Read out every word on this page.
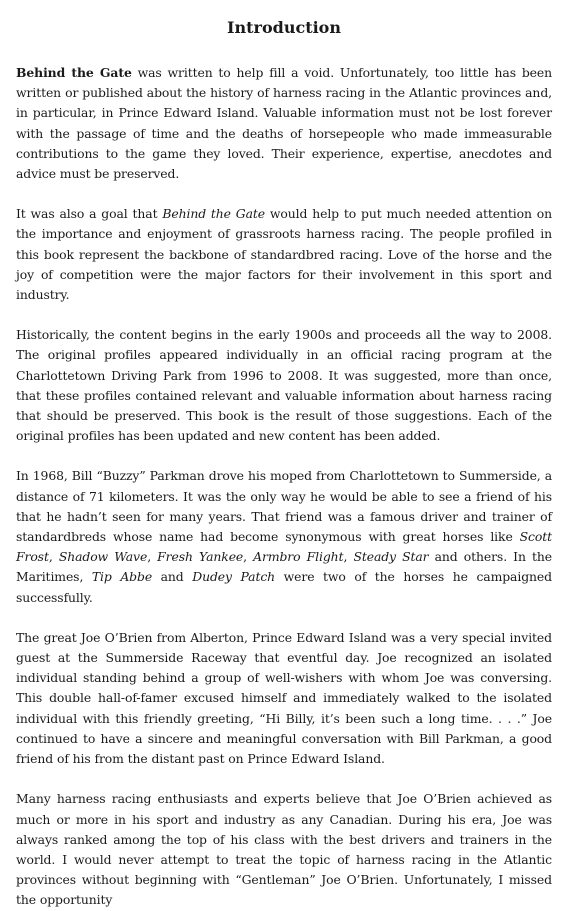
Introduction

Behind the Gate was written to help fill a void. Unfortunately, too little has been written or published about the history of harness racing in the Atlantic provinces and, in particular, in Prince Edward Island. Valuable information must not be lost forever with the passage of time and the deaths of horsepeople who made immeasurable contributions to the game they loved. Their experience, expertise, anecdotes and advice must be preserved.

It was also a goal that Behind the Gate would help to put much needed attention on the importance and enjoyment of grassroots harness racing. The people profiled in this book represent the backbone of standardbred racing. Love of the horse and the joy of competition were the major factors for their involvement in this sport and industry.

Historically, the content begins in the early 1900s and proceeds all the way to 2008. The original profiles appeared individually in an official racing program at the Charlottetown Driving Park from 1996 to 2008. It was suggested, more than once, that these profiles contained relevant and valuable information about harness racing that should be preserved. This book is the result of those suggestions. Each of the original profiles has been updated and new content has been added.

In 1968, Bill “Buzzy” Parkman drove his moped from Charlottetown to Summerside, a distance of 71 kilometers. It was the only way he would be able to see a friend of his that he hadn’t seen for many years. That friend was a famous driver and trainer of standardbreds whose name had become synonymous with great horses like Scott Frost, Shadow Wave, Fresh Yankee, Armbro Flight, Steady Star and others. In the Maritimes, Tip Abbe and Dudey Patch were two of the horses he campaigned successfully.

The great Joe O’Brien from Alberton, Prince Edward Island was a very special invited guest at the Summerside Raceway that eventful day. Joe recognized an isolated individual standing behind a group of well-wishers with whom Joe was conversing. This double hall-of-famer excused himself and immediately walked to the isolated individual with this friendly greeting, “Hi Billy, it’s been such a long time. . . .” Joe continued to have a sincere and meaningful conversation with Bill Parkman, a good friend of his from the distant past on Prince Edward Island.

Many harness racing enthusiasts and experts believe that Joe O’Brien achieved as much or more in his sport and industry as any Canadian. During his era, Joe was always ranked among the top of his class with the best drivers and trainers in the world. I would never attempt to treat the topic of harness racing in the Atlantic provinces without beginning with “Gentleman” Joe O’Brien. Unfortunately, I missed the opportunity
